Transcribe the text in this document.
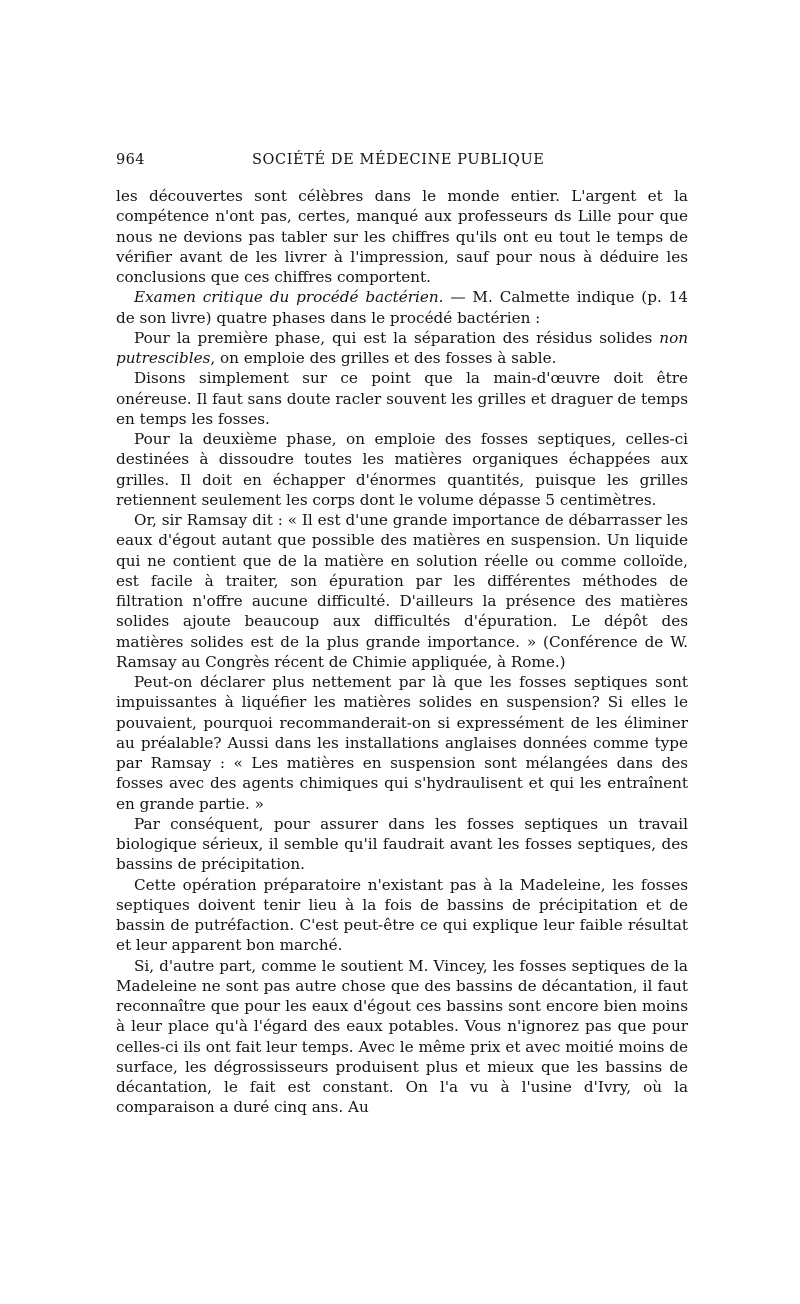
964	SOCIÉTÉ DE MÉDECINE PUBLIQUE

les découvertes sont célèbres dans le monde entier. L'argent et la compétence n'ont pas, certes, manqué aux professeurs ds Lille pour que nous ne devions pas tabler sur les chiffres qu'ils ont eu tout le temps de vérifier avant de les livrer à l'impression, sauf pour nous à déduire les conclusions que ces chiffres comportent.

Examen critique du procédé bactérien. — M. Calmette indique (p. 14 de son livre) quatre phases dans le procédé bactérien :

Pour la première phase, qui est la séparation des résidus solides non putrescibles, on emploie des grilles et des fosses à sable.

Disons simplement sur ce point que la main-d'œuvre doit être onéreuse. Il faut sans doute racler souvent les grilles et draguer de temps en temps les fosses.

Pour la deuxième phase, on emploie des fosses septiques, celles-ci destinées à dissoudre toutes les matières organiques échappées aux grilles. Il doit en échapper d'énormes quantités, puisque les grilles retiennent seulement les corps dont le volume dépasse 5 centimètres.

Or, sir Ramsay dit : « Il est d'une grande importance de débarrasser les eaux d'égout autant que possible des matières en suspension. Un liquide qui ne contient que de la matière en solution réelle ou comme colloïde, est facile à traiter, son épuration par les différentes méthodes de filtration n'offre aucune difficulté. D'ailleurs la présence des matières solides ajoute beaucoup aux difficultés d'épuration. Le dépôt des matières solides est de la plus grande importance. » (Conférence de W. Ramsay au Congrès récent de Chimie appliquée, à Rome.)

Peut-on déclarer plus nettement par là que les fosses septiques sont impuissantes à liquéfier les matières solides en suspension? Si elles le pouvaient, pourquoi recommanderait-on si expressément de les éliminer au préalable? Aussi dans les installations anglaises données comme type par Ramsay : « Les matières en suspension sont mélangées dans des fosses avec des agents chimiques qui s'hydraulisent et qui les entraînent en grande partie. »

Par conséquent, pour assurer dans les fosses septiques un travail biologique sérieux, il semble qu'il faudrait avant les fosses septiques, des bassins de précipitation.

Cette opération préparatoire n'existant pas à la Madeleine, les fosses septiques doivent tenir lieu à la fois de bassins de précipitation et de bassin de putréfaction. C'est peut-être ce qui explique leur faible résultat et leur apparent bon marché.

Si, d'autre part, comme le soutient M. Vincey, les fosses septiques de la Madeleine ne sont pas autre chose que des bassins de décantation, il faut reconnaître que pour les eaux d'égout ces bassins sont encore bien moins à leur place qu'à l'égard des eaux potables. Vous n'ignorez pas que pour celles-ci ils ont fait leur temps. Avec le même prix et avec moitié moins de surface, les dégrossisseurs produisent plus et mieux que les bassins de décantation, le fait est constant. On l'a vu à l'usine d'Ivry, où la comparaison a duré cinq ans. Au
